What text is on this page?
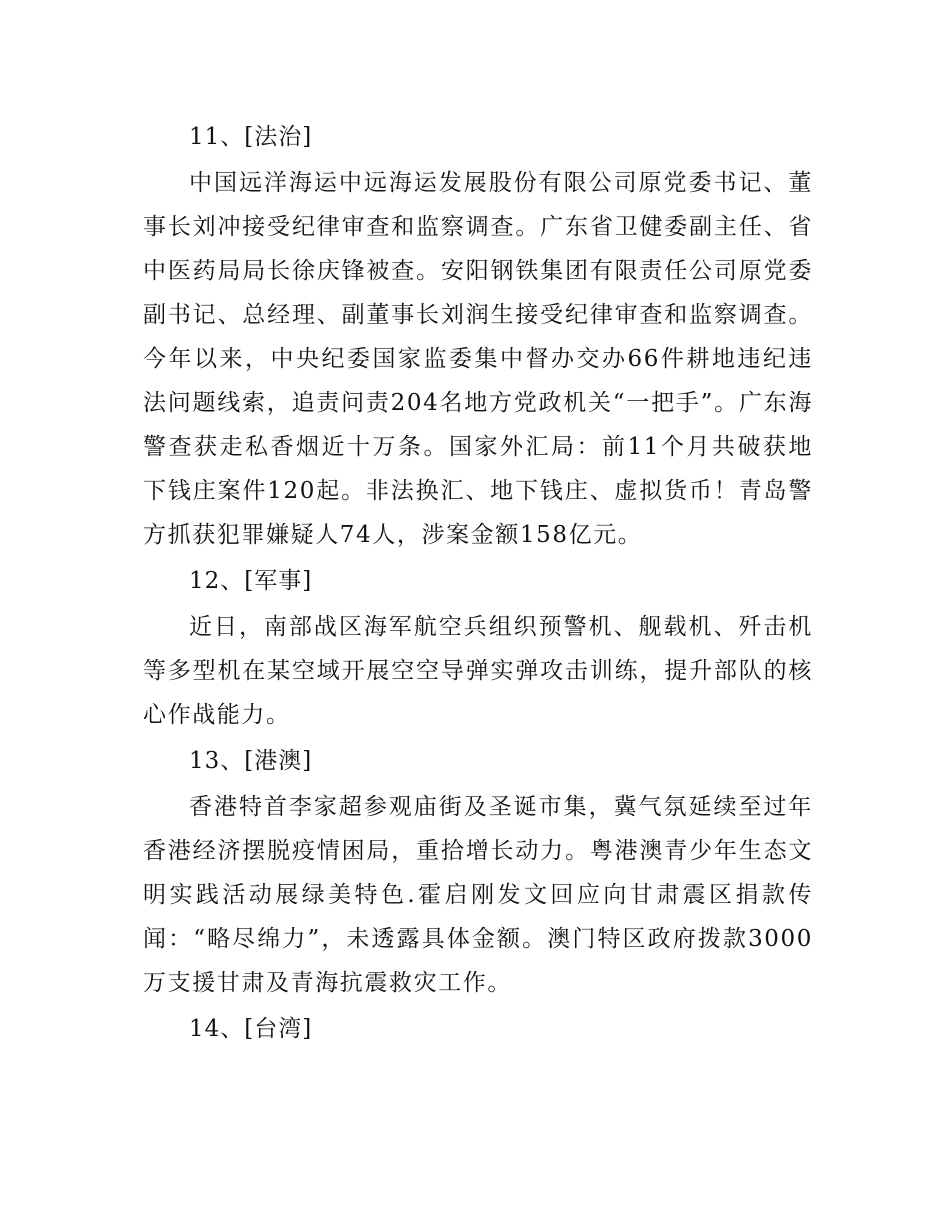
11、[法治]

中国远洋海运中远海运发展股份有限公司原党委书记、董事长刘冲接受纪律审查和监察调查。广东省卫健委副主任、省中医药局局长徐庆锋被查。安阳钢铁集团有限责任公司原党委副书记、总经理、副董事长刘润生接受纪律审查和监察调查。今年以来，中央纪委国家监委集中督办交办66件耕地违纪违法问题线索，追责问责204名地方党政机关“一把手”。广东海警查获走私香烟近十万条。国家外汇局：前11个月共破获地下钱庄案件120起。非法换汇、地下钱庄、虚拟货币！青岛警方抓获犯罪嫌疑人74人，涉案金额158亿元。

12、[军事]

近日，南部战区海军航空兵组织预警机、舰载机、歼击机等多型机在某空域开展空空导弹实弹攻击训练，提升部队的核心作战能力。

13、[港澳]

香港特首李家超参观庙街及圣诞市集，冀气氛延续至过年香港经济摆脱疫情困局，重拾增长动力。粤港澳青少年生态文明实践活动展绿美特色.霍启刚发文回应向甘肃震区捐款传闻：“略尽绵力”，未透露具体金额。澳门特区政府拨款3000万支援甘肃及青海抗震救灾工作。

14、[台湾]
